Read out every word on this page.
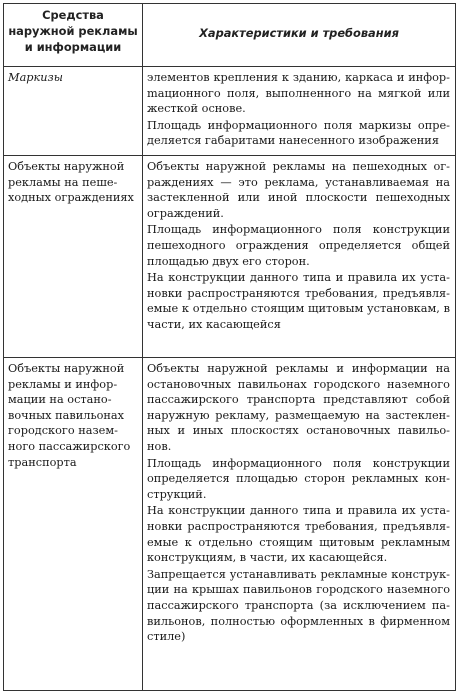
Средства
наружной рекламы
и информации	Характеристики и требования
Маркизы	элементов крепления к зданию, каркаса и инфорmационного поля, выполненного на мягкой или жесткой основе.
Площадь информационного поля маркизы определяется габаритами нанесенного изображения

Объекты наружной рекламы на пешеходных ограждениях	Объекты наружной рекламы на пешеходных ограждениях — это реклама, устанавливаемая на застекленной или иной плоскости пешеходных ограждений.
Площадь информационного поля конструкции пешеходного ограждения определяется общей площадью двух его сторон.
На конструкции данного типа и правила их установки распространяются требования, предъявляемые к отдельно стоящим щитовым установкам, в части, их касающейся

Объекты наружной рекламы и информации на остановочных павильонах городского наземного пассажирского транспорта	Объекты наружной рекламы и информации на остановочных павильонах городского наземного пассажирского транспорта представляют собой наружную рекламу, размещаемую на застекленных и иных плоскостях остановочных павильонов.
Площадь информационного поля конструкции определяется площадью сторон рекламных конструкций.
На конструкции данного типа и правила их установки распространяются требования, предъявляемые к отдельно стоящим щитовым рекламным конструкциям, в части, их касающейся.
Запрещается устанавливать рекламные конструкции на крышах павильонов городского наземного пассажирского транспорта (за исключением павильонов, полностью оформленных в фирменном стиле)
